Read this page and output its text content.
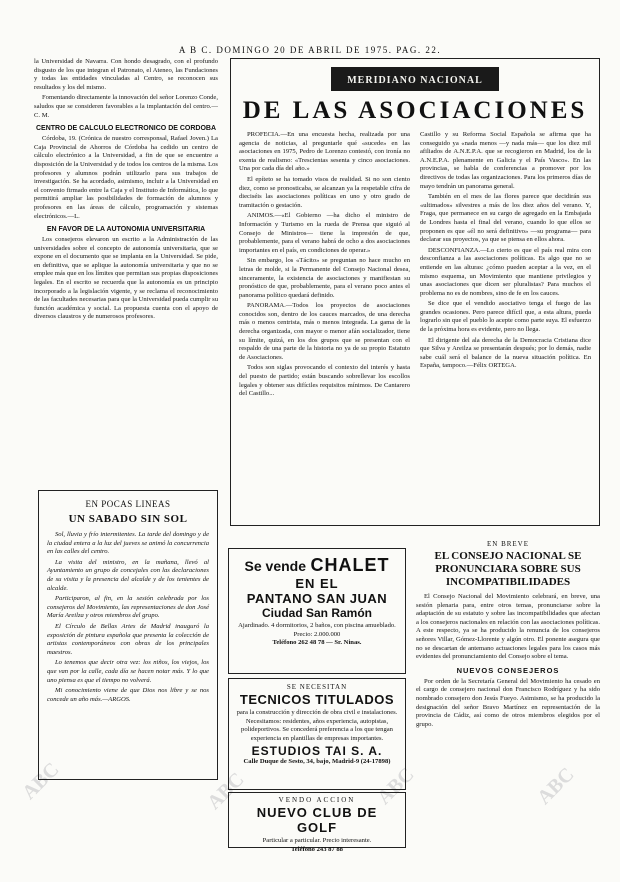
ABC	ABC	ABC	ABC
A B C. DOMINGO 20 DE ABRIL DE 1975. PAG. 22.

la Universidad de Navarra. Con hondo desagrado, con el profundo disgusto de los que integran el Patronato, el Ateneo, las Fundaciones y todas las entidades vinculadas al Centro, se reconocen sus resultados y los del mismo.

Fomentando directamente la innovación del señor Lorenzo Conde, saludos que se consideren favorables a la implantación del centro.—C. M.

CENTRO DE CALCULO ELECTRONICO DE CORDOBA

Córdoba, 19. (Crónica de nuestro corresponsal, Rafael Joven.) La Caja Provincial de Ahorros de Córdoba ha cedido un centro de cálculo electrónico a la Universidad, a fin de que se encuentre a disposición de la Universidad y de todos los centros de la misma. Los profesores y alumnos podrán utilizarlo para sus trabajos de investigación. Se ha acordado, asimismo, incluir a la Universidad en el convenio firmado entre la Caja y el Instituto de Informática, lo que permitirá ampliar las posibilidades de formación de alumnos y profesores en las áreas de cálculo, programación y sistemas electrónicos.—L.

EN FAVOR DE LA AUTONOMIA UNIVERSITARIA

Los consejeros elevaron un escrito a la Administración de las universidades sobre el concepto de autonomía universitaria, que se expone en el documento que se implanta en la Universidad. Se pide, en definitiva, que se aplique la autonomía universitaria y que no se emplee más que en los límites que permitan sus propias disposiciones legales. En el escrito se recuerda que la autonomía es un principio incorporado a la legislación vigente, y se reclama el reconocimiento de las facultades necesarias para que la Universidad pueda cumplir su función académica y social. La propuesta cuenta con el apoyo de diversos claustros y de numerosos profesores.

EN POCAS LINEAS
UN SABADO SIN SOL

Sol, lluvia y frío intermitentes. La tarde del domingo y de la ciudad entera a la luz del jueves se animó la concurrencia en las calles del centro.

La visita del ministro, en la mañana, llevó al Ayuntamiento un grupo de concejales con las declaraciones de su visita y la presencia del alcalde y de los tenientes de alcalde.

Participaron, al fin, en la sesión celebrada por los consejeros del Movimiento, las representaciones de don José María Areilza y otros miembros del grupo.

El Círculo de Bellas Artes de Madrid inauguró la exposición de pintura española que presenta la colección de artistas contemporáneos con obras de los principales maestros.

Lo tenemos que decir otra vez: los niños, los viejos, los que van por la calle, cada día se hacen notar más. Y lo que uno piensa es que el tiempo no volverá.

Mi conocimiento viene de que Dios nos libre y se nos concede un año más.—ARGOS.

MERIDIANO NACIONAL
DE LAS ASOCIACIONES

PROFECIA.—En una encuesta hecha, realizada por una agencia de noticias, al preguntarle qué «sucede» en las asociaciones en 1975, Pedro de Lorenzo contestó, con ironía no exenta de realismo: «Trescientas sesenta y cinco asociaciones. Una por cada día del año.»

El epíteto se ha tomado visos de realidad. Si no son ciento diez, como se pronosticaba, se alcanzan ya la respetable cifra de dieciséis las asociaciones políticas en uno y otro grado de tramitación o gestación.

ANIMOS.—«El Gobierno —ha dicho el ministro de Información y Turismo en la rueda de Prensa que siguió al Consejo de Ministros— tiene la impresión de que, probablemente, para el verano habrá de ocho a dos asociaciones importantes en el país, en condiciones de operar.»

Sin embargo, los «Tácito» se preguntan no hace mucho en letras de molde, si la Permanente del Consejo Nacional desea, sinceramente, la existencia de asociaciones y manifiestan su pronóstico de que, probablemente, para el verano poco antes el panorama político quedará definido.

PANORAMA.—Todos los proyectos de asociaciones conocidos son, dentro de los cauces marcados, de una derecha más o menos centrista, más o menos integrada. La gama de la derecha organizada, con mayor o menor afán socializador, tiene su límite, quizá, en los dos grupos que se presentan con el respaldo de una parte de la historia no ya de su propio Estatuto de Asociaciones.

Todos son siglas provocando el contexto del interés y hasta del puesto de partido; están buscando sobrellevar los escollos legales y obtener sus difíciles requisitos mínimos. De Cantarero del Castillo...

Castillo y su Reforma Social Española se afirma que ha conseguido ya «nada menos —y nada más— que los diez mil afiliados de A.N.E.P.A. que se recogieron en Madrid, los de la A.N.E.P.A. plenamente en Galicia y el País Vasco». En las provincias, se habla de conferencias a promover por los directivos de todas las organizaciones. Para los primeros días de mayo tendrán un panorama general.

También en el mes de las flores parece que decidirán sus «ultimados» silvestres a más de los diez años del verano. Y, Fraga, que permanece en su cargo de agregado en la Embajada de Londres hasta el final del verano, cuando lo que ellos se proponen es que «él no será definitivo» —su programa— para declarar sus proyectos, ya que se piensa en ellos ahora.

DESCONFIANZA.—Lo cierto es que el país real mira con desconfianza a las asociaciones políticas. Es algo que no se entiende en las alturas: ¿cómo pueden aceptar a la vez, en el mismo esquema, un Movimiento que mantiene privilegios y unas asociaciones que dicen ser pluralistas? Para muchos el problema no es de nombres, sino de fe en los cauces.

Se dice que el vendido asociativo tenga el fuego de las grandes ocasiones. Pero parece difícil que, a esta altura, pueda lograrlo sin que el pueblo lo acepte como parte suya. El esfuerzo de la próxima hora es evidente, pero no llega.

El dirigente del ala derecha de la Democracia Cristiana dice que Silva y Areilza se presentarán después; por lo demás, nadie sabe cuál será el balance de la nueva situación política. En España, tampoco.—Félix ORTEGA.

Se vende CHALET
EN EL
PANTANO SAN JUAN
Ciudad San Ramón

Ajardinado. 4 dormitorios, 2 baños, con piscina amueblado.

Precio: 2.000.000

Teléfono 262 48 78 — Sr. Ninas.

SE NECESITAN
TECNICOS TITULADOS

para la construcción y dirección de obra civil e instalaciones.

Necesitamos: residentes, años experiencia, autopistas, polideportivos. Se concederá preferencia a los que tengan experiencia en plantillas de empresas importantes.

ESTUDIOS TAI S. A.

Calle Duque de Sesto, 34, bajo, Madrid-9 (24-17898)

VENDO ACCION
NUEVO CLUB DE GOLF

Particular a particular. Precio interesante.

Teléfono 243 87 88

EN BREVE
EL CONSEJO NACIONAL SE PRONUNCIARA SOBRE SUS INCOMPATIBILIDADES

El Consejo Nacional del Movimiento celebrará, en breve, una sesión plenaria para, entre otros temas, pronunciarse sobre la adaptación de su estatuto y sobre las incompatibilidades que afectan a los consejeros nacionales en relación con las asociaciones políticas. A este respecto, ya se ha producido la renuncia de los consejeros señores Villar, Gómez-Llorente y algún otro. El ponente asegura que no se descartan de antemano actuaciones legales para los casos más evidentes del pronunciamiento del Consejo sobre el tema.

NUEVOS CONSEJEROS

Por orden de la Secretaría General del Movimiento ha cesado en el cargo de consejero nacional don Francisco Rodríguez y ha sido nombrado consejero don Jesús Fueyo. Asimismo, se ha producido la designación del señor Bravo Martínez en representación de la provincia de Cádiz, así como de otros miembros elegidos por el grupo.
